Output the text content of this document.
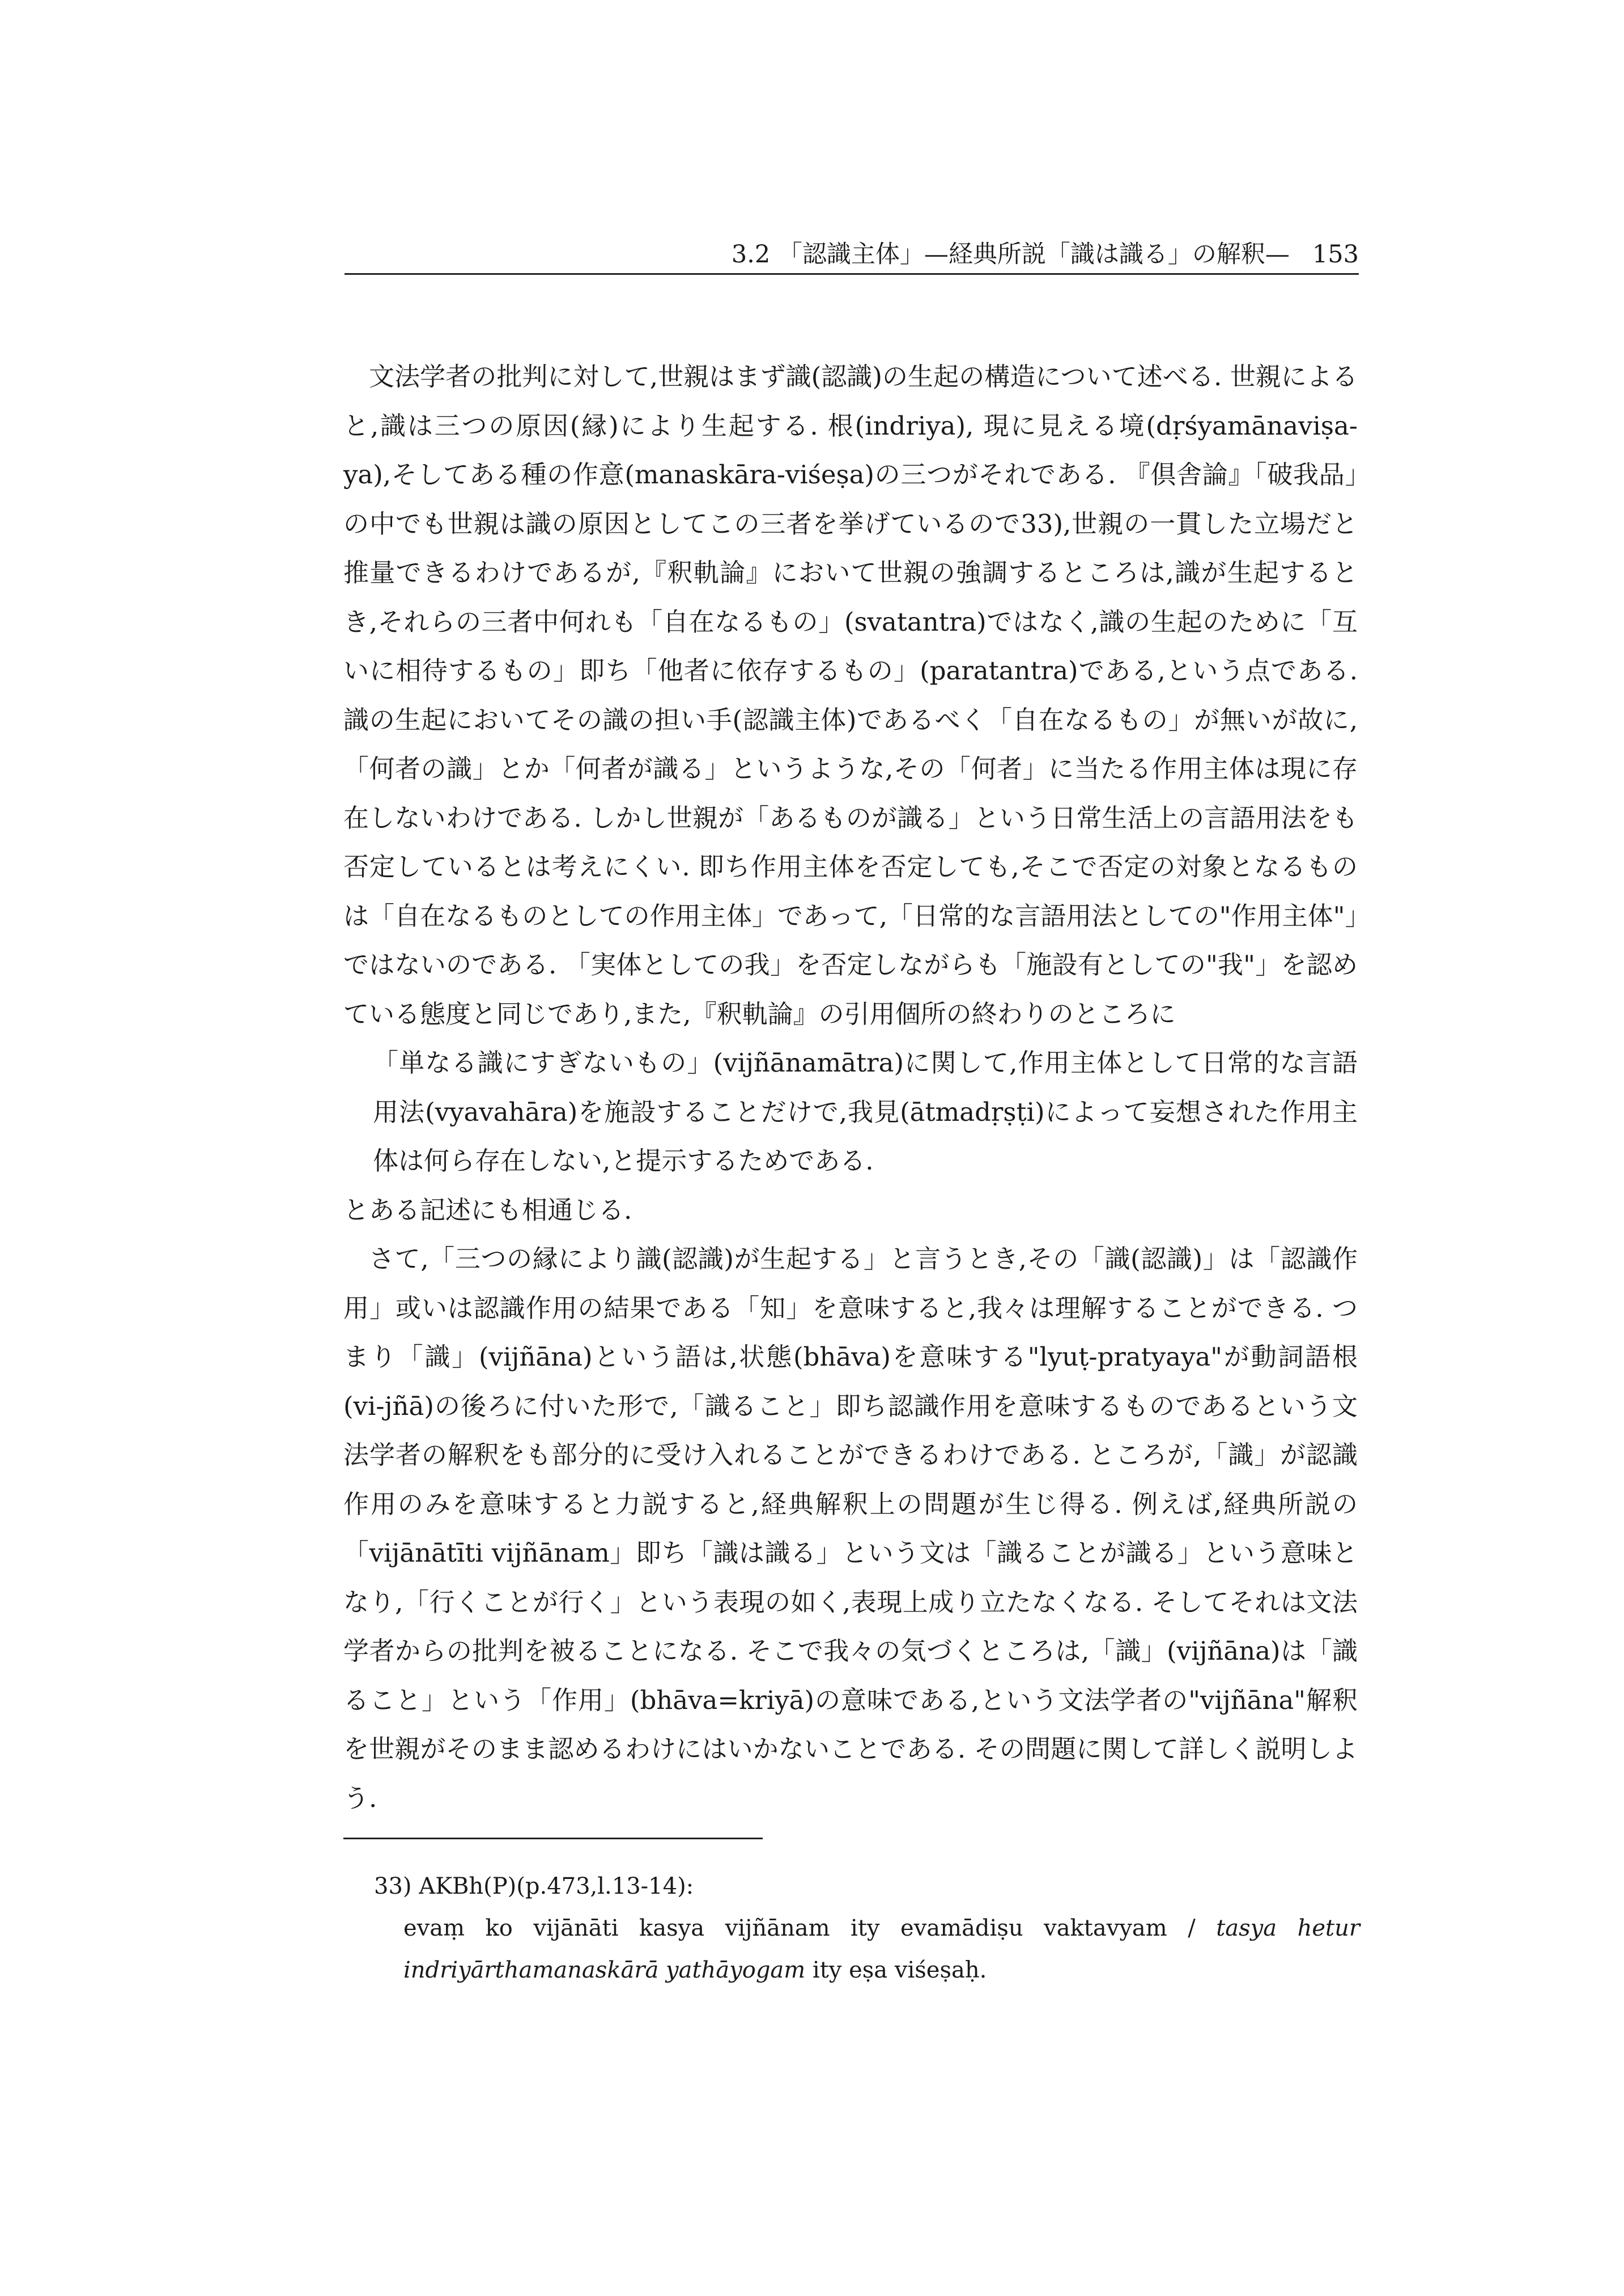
3.2 「認識主体」—経典所説「識は識る」の解釈— 153

文法学者の批判に対して,世親はまず識(認識)の生起の構造について述べる. 世親によると,識は三つの原因(縁)により生起する. 根(indriya), 現に見える境(dṛśyamānaviṣa-ya),そしてある種の作意(manaskāra-viśeṣa)の三つがそれである. 『倶舎論』「破我品」の中でも世親は識の原因としてこの三者を挙げているので33),世親の一貫した立場だと推量できるわけであるが,『釈軌論』において世親の強調するところは,識が生起するとき,それらの三者中何れも「自在なるもの」(svatantra)ではなく,識の生起のために「互いに相待するもの」即ち「他者に依存するもの」(paratantra)である,という点である. 識の生起においてその識の担い手(認識主体)であるべく「自在なるもの」が無いが故に,「何者の識」とか「何者が識る」というような,その「何者」に当たる作用主体は現に存在しないわけである. しかし世親が「あるものが識る」という日常生活上の言語用法をも否定しているとは考えにくい. 即ち作用主体を否定しても,そこで否定の対象となるものは「自在なるものとしての作用主体」であって,「日常的な言語用法としての"作用主体"」ではないのである. 「実体としての我」を否定しながらも「施設有としての"我"」を認めている態度と同じであり,また,『釈軌論』の引用個所の終わりのところに

「単なる識にすぎないもの」(vijñānamātra)に関して,作用主体として日常的な言語用法(vyavahāra)を施設することだけで,我見(ātmadṛṣṭi)によって妄想された作用主体は何ら存在しない,と提示するためである.

とある記述にも相通じる.

さて,「三つの縁により識(認識)が生起する」と言うとき,その「識(認識)」は「認識作用」或いは認識作用の結果である「知」を意味すると,我々は理解することができる. つまり「識」(vijñāna)という語は,状態(bhāva)を意味する"lyuṭ-pratyaya"が動詞語根(vi-jñā)の後ろに付いた形で,「識ること」即ち認識作用を意味するものであるという文法学者の解釈をも部分的に受け入れることができるわけである. ところが,「識」が認識作用のみを意味すると力説すると,経典解釈上の問題が生じ得る. 例えば,経典所説の 「vijānātīti vijñānam」即ち「識は識る」という文は「識ることが識る」という意味となり,「行くことが行く」という表現の如く,表現上成り立たなくなる. そしてそれは文法学者からの批判を被ることになる. そこで我々の気づくところは,「識」(vijñāna)は「識ること」という「作用」(bhāva=kriyā)の意味である,という文法学者の"vijñāna"解釈を世親がそのまま認めるわけにはいかないことである. その問題に関して詳しく説明しよう.

33) AKBh(P)(p.473,l.13-14):

evaṃ ko vijānāti kasya vijñānam ity evamādiṣu vaktavyam / tasya hetur indriyārthamanaskārā yathāyogam ity eṣa viśeṣaḥ.
